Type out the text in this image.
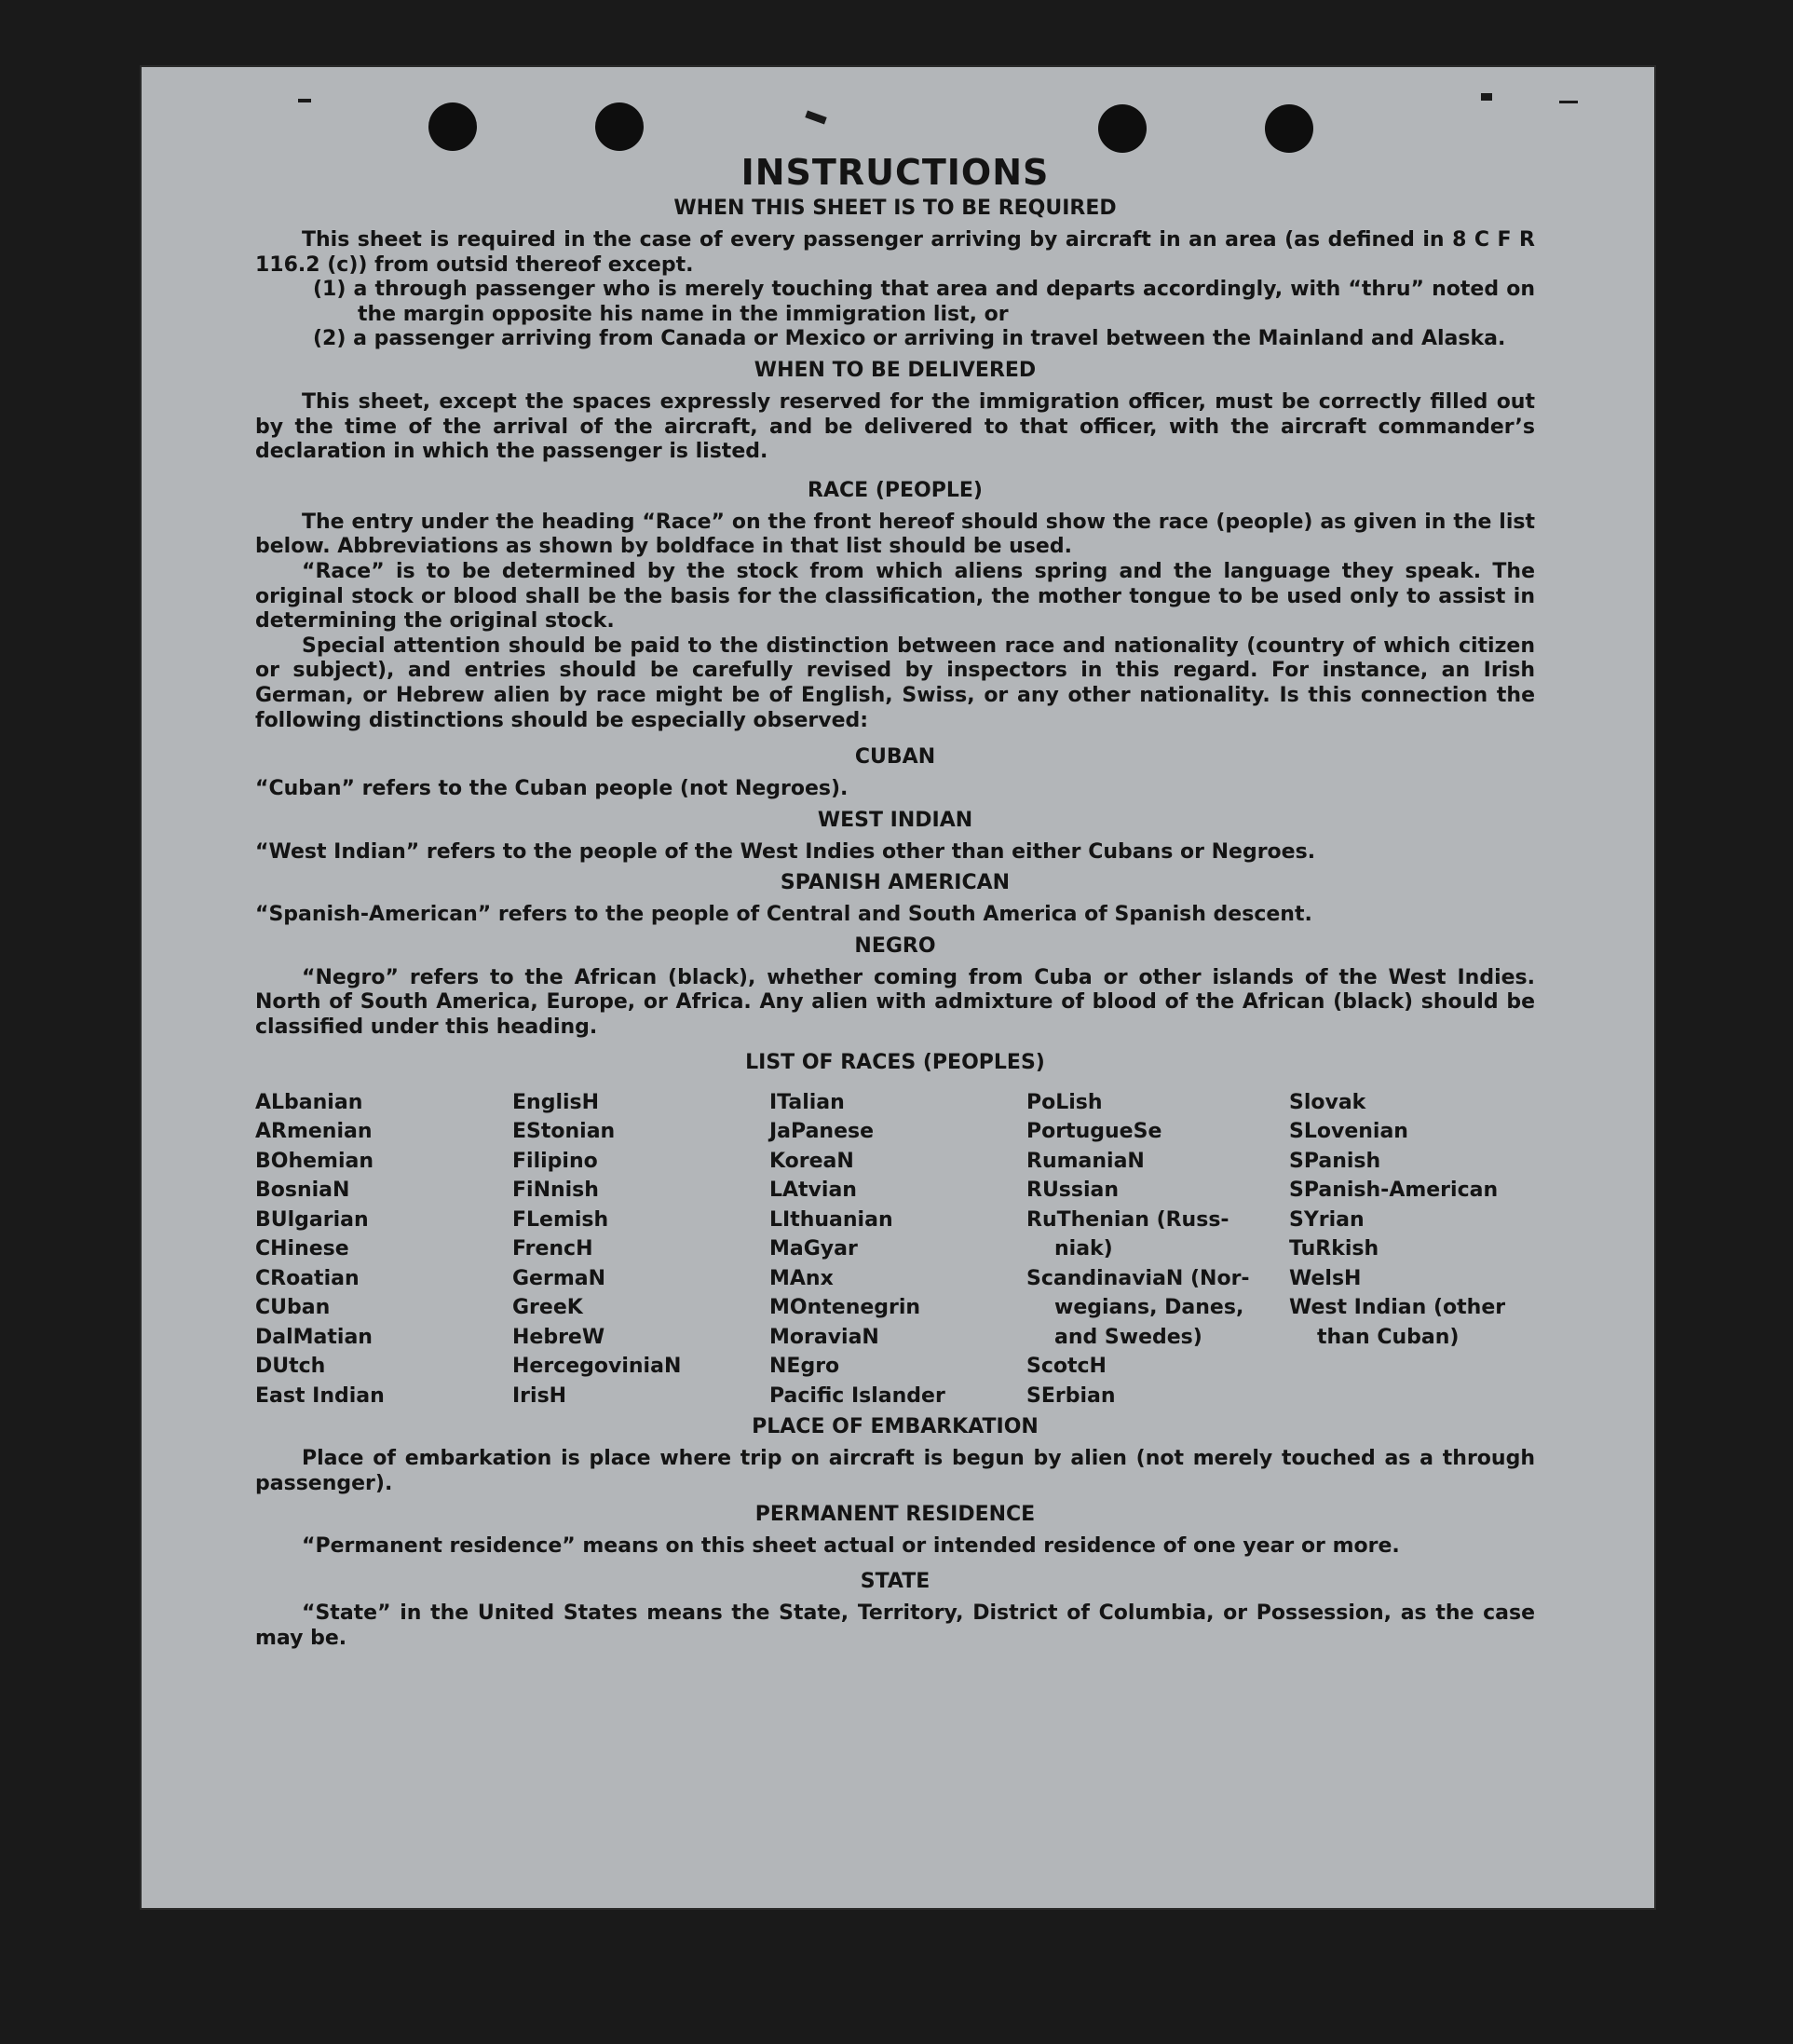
INSTRUCTIONS
WHEN THIS SHEET IS TO BE REQUIRED

This sheet is required in the case of every passenger arriving by aircraft in an area (as defined in 8 C F R 116.2 (c)) from outsid thereof except.

(1) a through passenger who is merely touching that area and departs accordingly, with “thru” noted on the margin opposite his name in the immigration list, or

(2) a passenger arriving from Canada or Mexico or arriving in travel between the Mainland and Alaska.

WHEN TO BE DELIVERED

This sheet, except the spaces expressly reserved for the immigration officer, must be correctly filled out by the time of the arrival of the aircraft, and be delivered to that officer, with the aircraft commander’s declaration in which the passenger is listed.

RACE (PEOPLE)

The entry under the heading “Race” on the front hereof should show the race (people) as given in the list below. Abbreviations as shown by boldface in that list should be used.

“Race” is to be determined by the stock from which aliens spring and the language they speak. The original stock or blood shall be the basis for the classification, the mother tongue to be used only to assist in determining the original stock.

Special attention should be paid to the distinction between race and nationality (country of which citizen or subject), and entries should be carefully revised by inspectors in this regard. For instance, an Irish German, or Hebrew alien by race might be of English, Swiss, or any other nationality. Is this connection the following distinctions should be especially observed:

CUBAN

“Cuban” refers to the Cuban people (not Negroes).

WEST INDIAN

“West Indian” refers to the people of the West Indies other than either Cubans or Negroes.

SPANISH AMERICAN

“Spanish-American” refers to the people of Central and South America of Spanish descent.

NEGRO

“Negro” refers to the African (black), whether coming from Cuba or other islands of the West Indies. North of South America, Europe, or Africa. Any alien with admixture of blood of the African (black) should be classified under this heading.

LIST OF RACES (PEOPLES)
ALbanian
ARmenian
BOhemian
BosniaN
BUlgarian
CHinese
CRoatian
CUban
DalMatian
DUtch
East Indian
EnglisH
EStonian
Filipino
FiNnish
FLemish
FrencH
GermaN
GreeK
HebreW
HercegoviniaN
IrisH
ITalian
JaPanese
KoreaN
LAtvian
LIthuanian
MaGyar
MAnx
MOntenegrin
MoraviaN
NEgro
Pacific Islander
PoLish
PortugueSe
RumaniaN
RUssian
RuThenian (Russ-
niak)
ScandinaviaN (Nor-
wegians, Danes,
and Swedes)
ScotcH
SErbian
Slovak
SLovenian
SPanish
SPanish-American
SYrian
TuRkish
WelsH
West Indian (other
than Cuban)
PLACE OF EMBARKATION

Place of embarkation is place where trip on aircraft is begun by alien (not merely touched as a through passenger).

PERMANENT RESIDENCE

“Permanent residence” means on this sheet actual or intended residence of one year or more.

STATE

“State” in the United States means the State, Territory, District of Columbia, or Possession, as the case may be.
